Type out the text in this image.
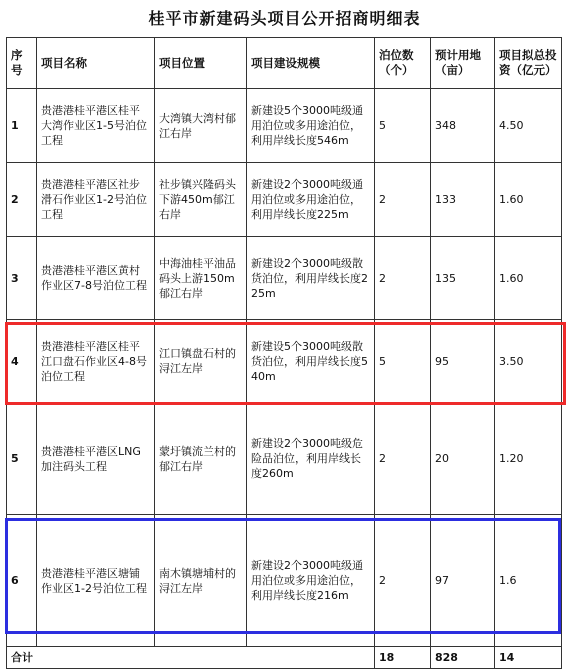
桂平市新建码头项目公开招商明细表
序号	项目名称	项目位置	项目建设规模	泊位数（个）	预计用地（亩）	项目拟总投资（亿元）
1	贵港港桂平港区桂平大湾作业区1-5号泊位工程	大湾镇大湾村郁江右岸	新建设5个3000吨级通用泊位或多用途泊位，利用岸线长度546m	5	348	4.50
2	贵港港桂平港区社步滑石作业区1-2号泊位工程	社步镇兴隆码头下游450m郁江右岸	新建设2个3000吨级通用泊位或多用途泊位，利用岸线长度225m	2	133	1.60
3	贵港港桂平港区黄村作业区7-8号泊位工程	中海油桂平油品码头上游150m郁江右岸	新建设2个3000吨级散货泊位，利用岸线长度225m	2	135	1.60
4	贵港港桂平港区桂平江口盘石作业区4-8号泊位工程	江口镇盘石村的浔江左岸	新建设5个3000吨级散货泊位，利用岸线长度540m	5	95	3.50
5	贵港港桂平港区LNG加注码头工程	蒙圩镇流兰村的郁江右岸	新建设2个3000吨级危险品泊位，利用岸线长度260m	2	20	1.20
6	贵港港桂平港区塘铺作业区1-2号泊位工程	南木镇塘埔村的浔江左岸	新建设2个3000吨级通用泊位或多用途泊位，利用岸线长度216m	2	97	1.6
合计				18	828	14
